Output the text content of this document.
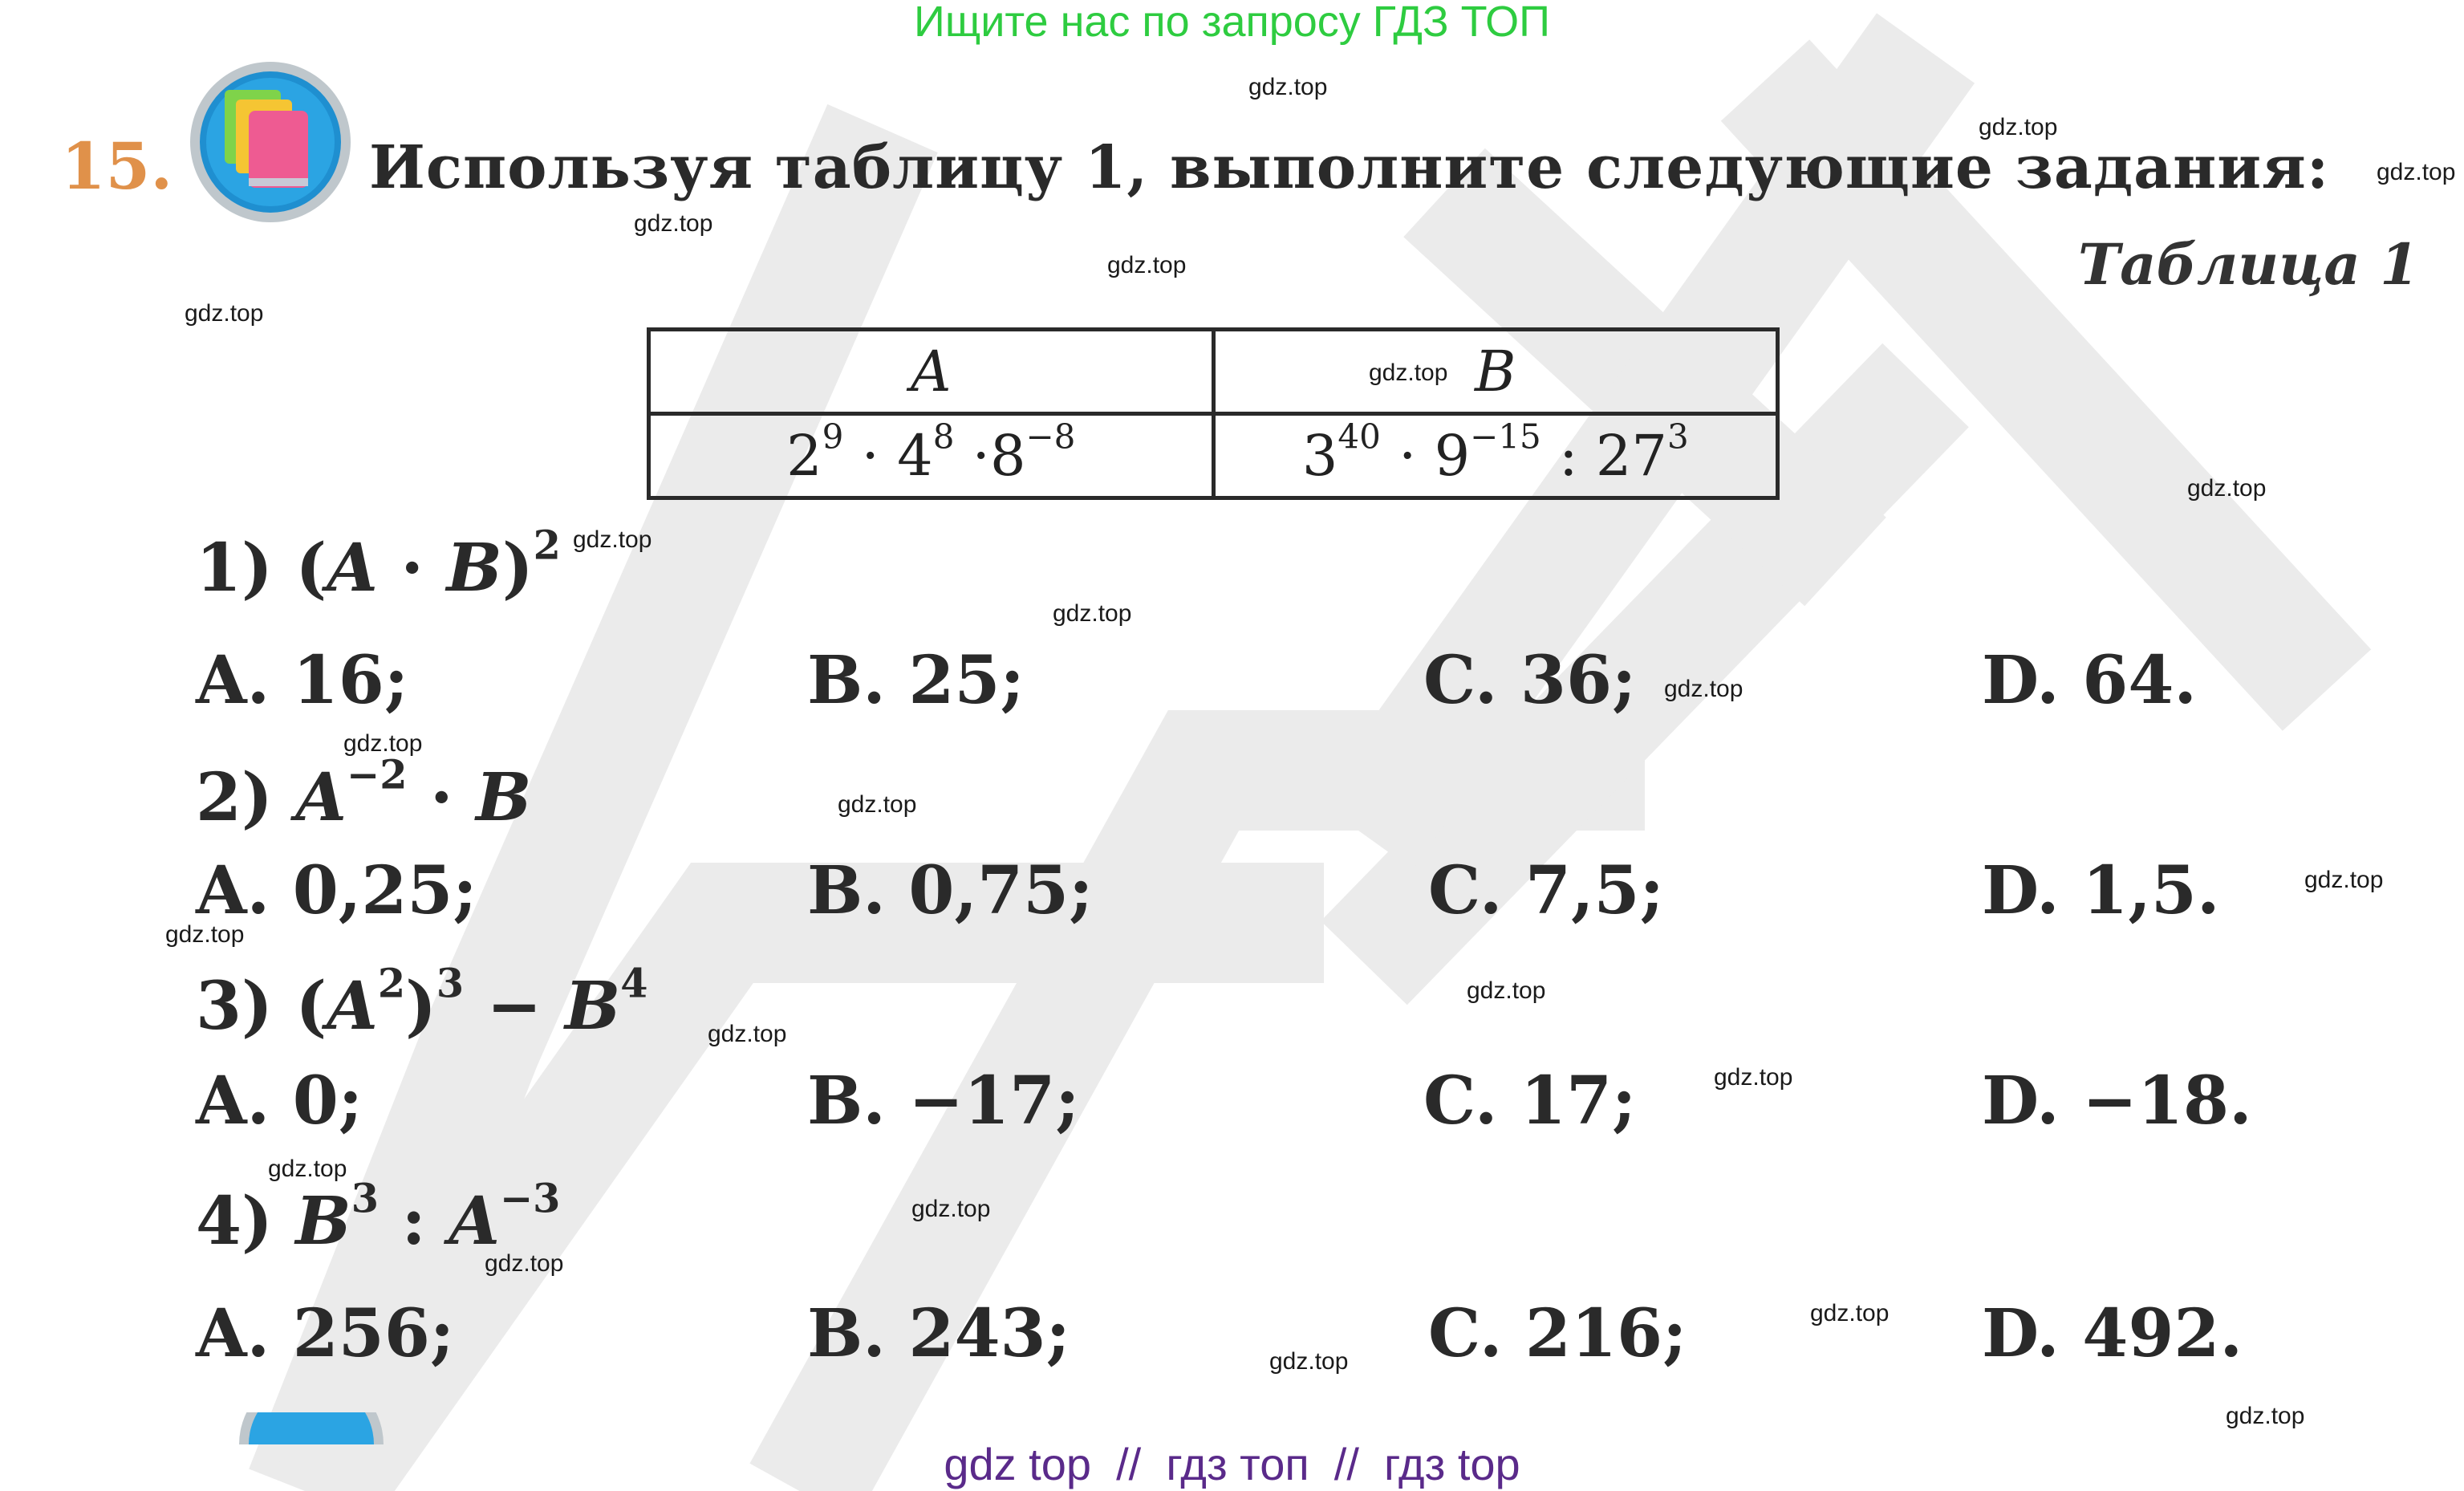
Ищите нас по запросу ГДЗ ТОП
15.	Используя таблицу 1, выполните следующие задания:
Таблица 1
A	B
$2^9 \cdot 4^8 \cdot 8^{-8}$	$3^{40} \cdot 9^{-15}$ : $27^3$
1) $(A \cdot B)^2$
A. 16;	B. 25;	C. 36;	D. 64.
2) $A^{-2} \cdot B$
A. 0,25;	B. 0,75;	C. 7,5;	D. 1,5.
3) $(A^2)^3 - B^4$
A. 0;	B. −17;	C. 17;	D. −18.
4) $B^3$ : $A^{-3}$
A. 256;	B. 243;	C. 216;	D. 492.
gdz.top
gdz.top
gdz.top
gdz.top
gdz.top
gdz.top
gdz.top
gdz.top
gdz.top
gdz.top
gdz.top
gdz.top
gdz.top
gdz.top
gdz.top
gdz.top
gdz.top
gdz.top
gdz.top
gdz.top
gdz.top
gdz.top
gdz.top
gdz.top
gdz top  //  гдз топ  //  гдз top
